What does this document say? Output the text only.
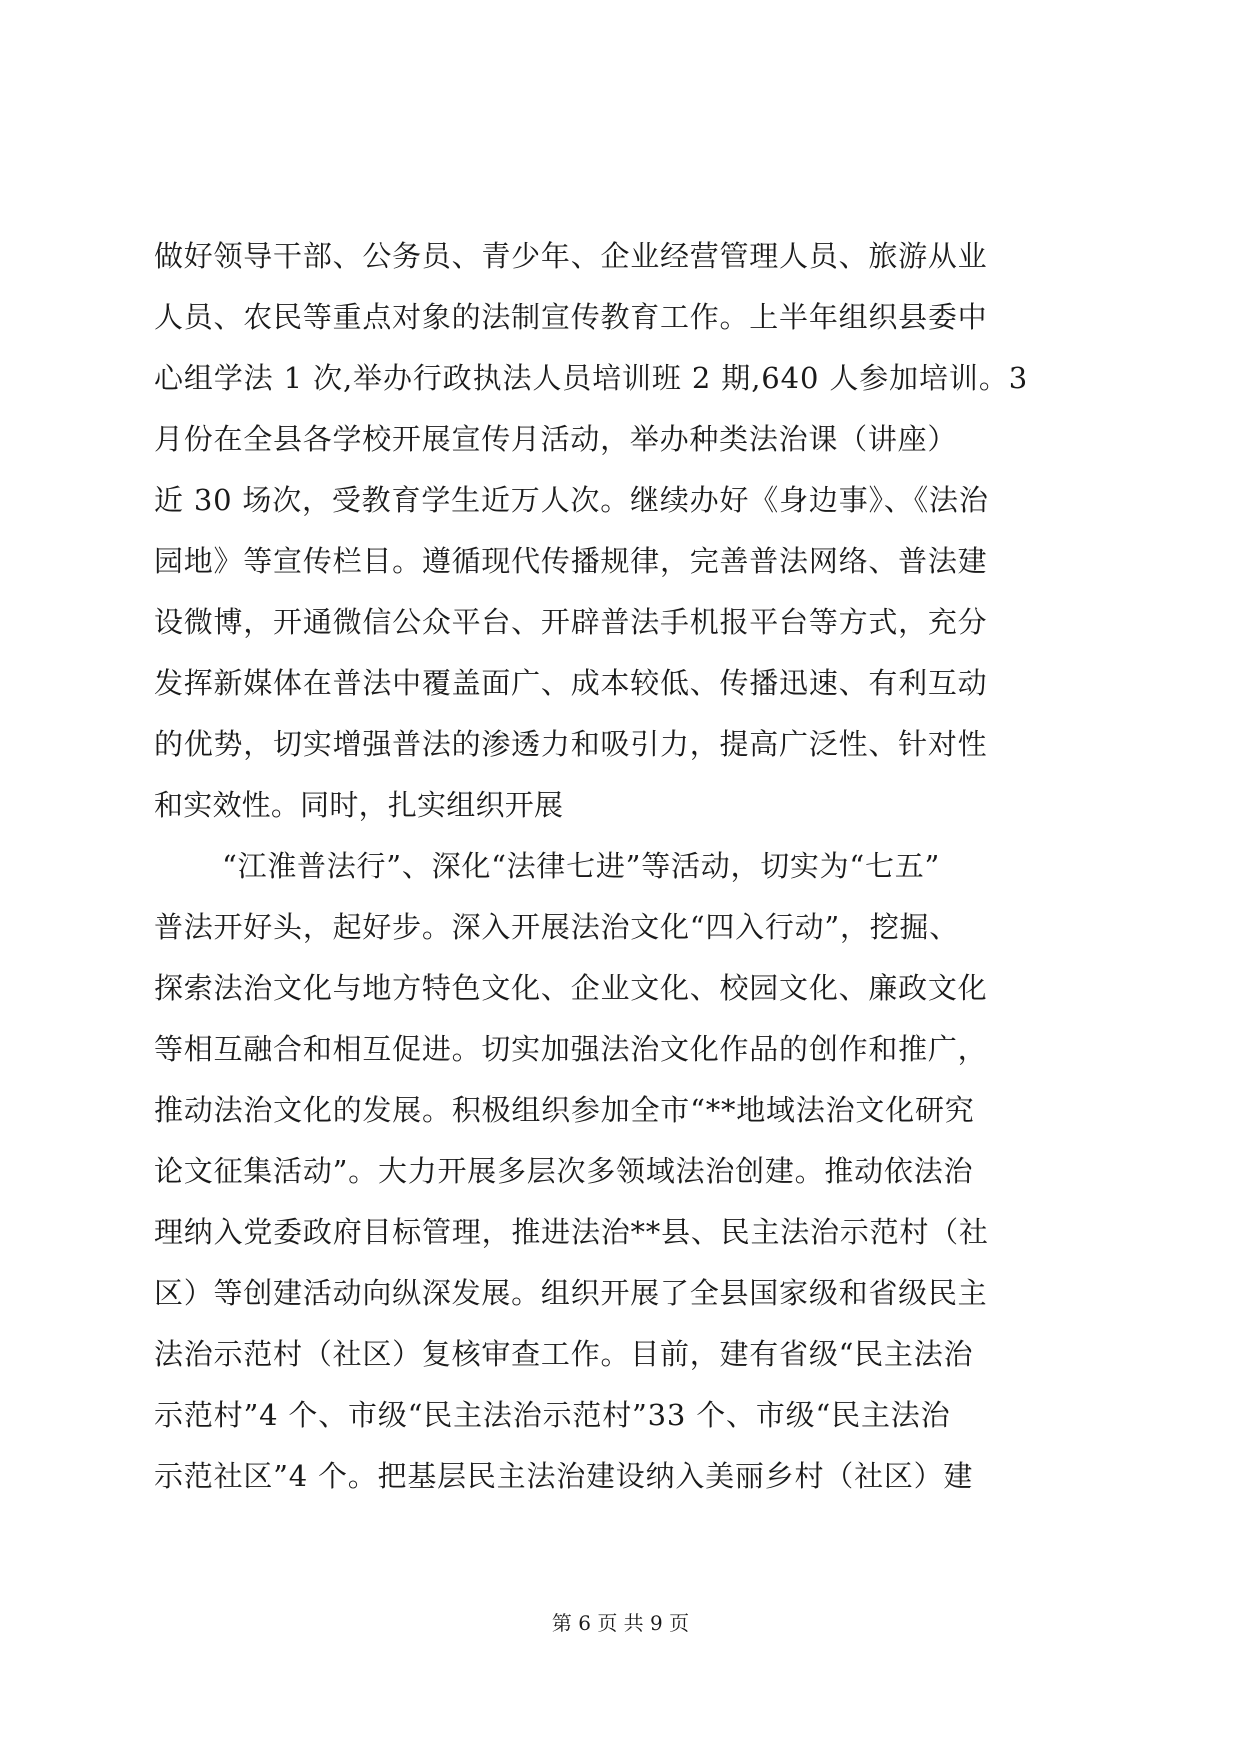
做好领导干部、公务员、青少年、企业经营管理人员、旅游从业
人员、农民等重点对象的法制宣传教育工作。上半年组织县委中
心组学法 1 次,举办行政执法人员培训班 2 期,640 人参加培训。3
月份在全县各学校开展宣传月活动，举办种类法治课（讲座）
近 30 场次，受教育学生近万人次。继续办好《身边事》、《法治
园地》等宣传栏目。遵循现代传播规律，完善普法网络、普法建
设微博，开通微信公众平台、开辟普法手机报平台等方式，充分
发挥新媒体在普法中覆盖面广、成本较低、传播迅速、有利互动
的优势，切实增强普法的渗透力和吸引力，提高广泛性、针对性
和实效性。同时，扎实组织开展
“江淮普法行”、深化“法律七进”等活动，切实为“七五”
普法开好头，起好步。深入开展法治文化“四入行动”，挖掘、
探索法治文化与地方特色文化、企业文化、校园文化、廉政文化
等相互融合和相互促进。切实加强法治文化作品的创作和推广，
推动法治文化的发展。积极组织参加全市“**地域法治文化研究
论文征集活动”。大力开展多层次多领域法治创建。推动依法治
理纳入党委政府目标管理，推进法治**县、民主法治示范村（社
区）等创建活动向纵深发展。组织开展了全县国家级和省级民主
法治示范村（社区）复核审查工作。目前，建有省级“民主法治
示范村”4 个、市级“民主法治示范村”33 个、市级“民主法治
示范社区”4 个。把基层民主法治建设纳入美丽乡村（社区）建
第 6 页 共 9 页
